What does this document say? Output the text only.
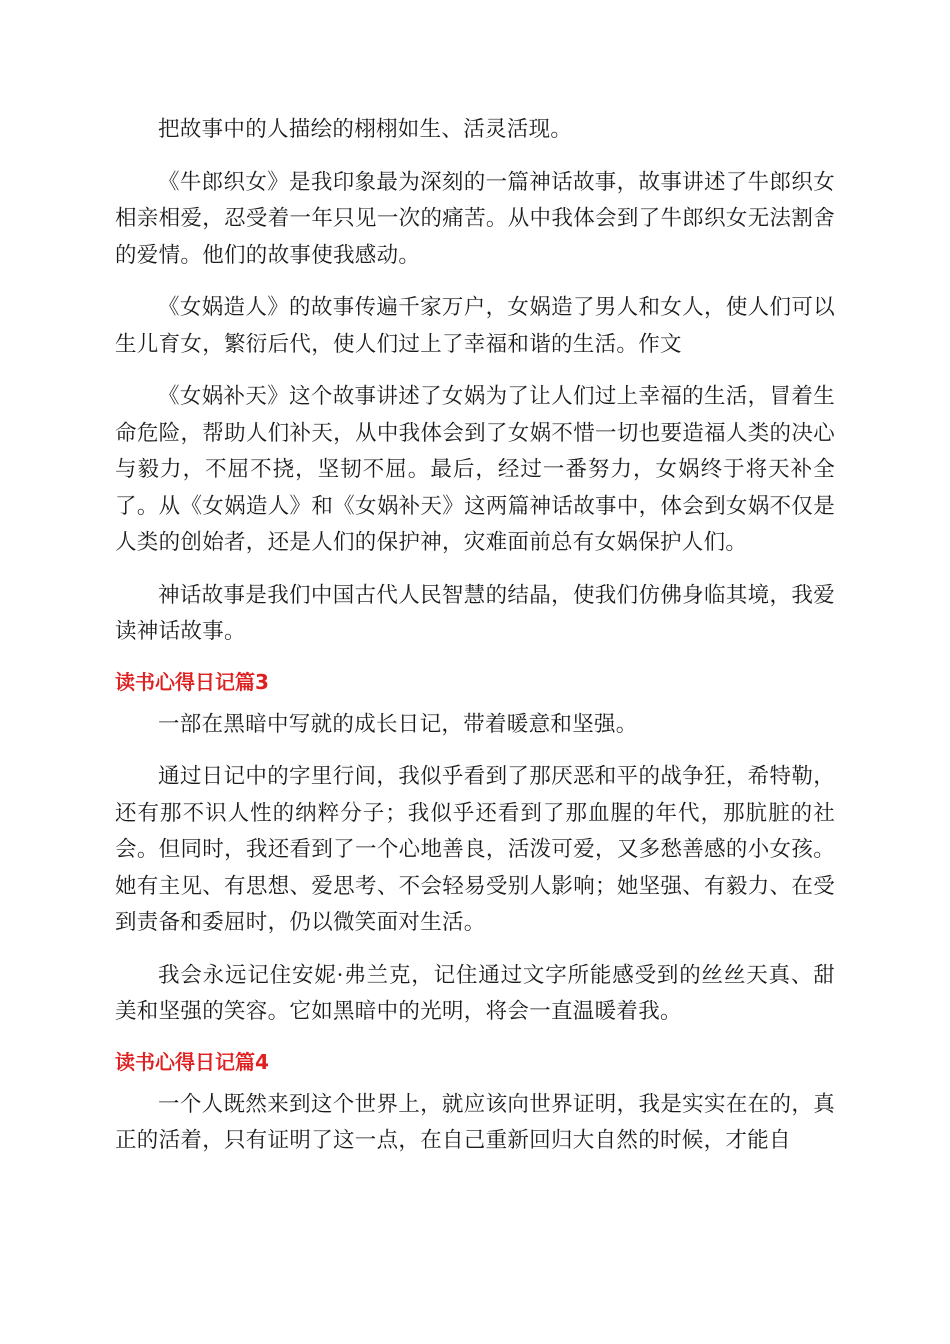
把故事中的人描绘的栩栩如生、活灵活现。

《牛郎织女》是我印象最为深刻的一篇神话故事，故事讲述了牛郎织女相亲相爱，忍受着一年只见一次的痛苦。从中我体会到了牛郎织女无法割舍的爱情。他们的故事使我感动。

《女娲造人》的故事传遍千家万户，女娲造了男人和女人，使人们可以生儿育女，繁衍后代，使人们过上了幸福和谐的生活。作文

《女娲补天》这个故事讲述了女娲为了让人们过上幸福的生活，冒着生命危险，帮助人们补天，从中我体会到了女娲不惜一切也要造福人类的决心与毅力，不屈不挠，坚韧不屈。最后，经过一番努力，女娲终于将天补全了。从《女娲造人》和《女娲补天》这两篇神话故事中，体会到女娲不仅是人类的创始者，还是人们的保护神，灾难面前总有女娲保护人们。

神话故事是我们中国古代人民智慧的结晶，使我们仿佛身临其境，我爱读神话故事。

读书心得日记篇3

一部在黑暗中写就的成长日记，带着暖意和坚强。

通过日记中的字里行间，我似乎看到了那厌恶和平的战争狂，希特勒，还有那不识人性的纳粹分子；我似乎还看到了那血腥的年代，那肮脏的社会。但同时，我还看到了一个心地善良，活泼可爱，又多愁善感的小女孩。她有主见、有思想、爱思考、不会轻易受别人影响；她坚强、有毅力、在受到责备和委屈时，仍以微笑面对生活。

我会永远记住安妮·弗兰克，记住通过文字所能感受到的丝丝天真、甜美和坚强的笑容。它如黑暗中的光明，将会一直温暖着我。

读书心得日记篇4

一个人既然来到这个世界上，就应该向世界证明，我是实实在在的，真正的活着，只有证明了这一点，在自己重新回归大自然的时候，才能自
